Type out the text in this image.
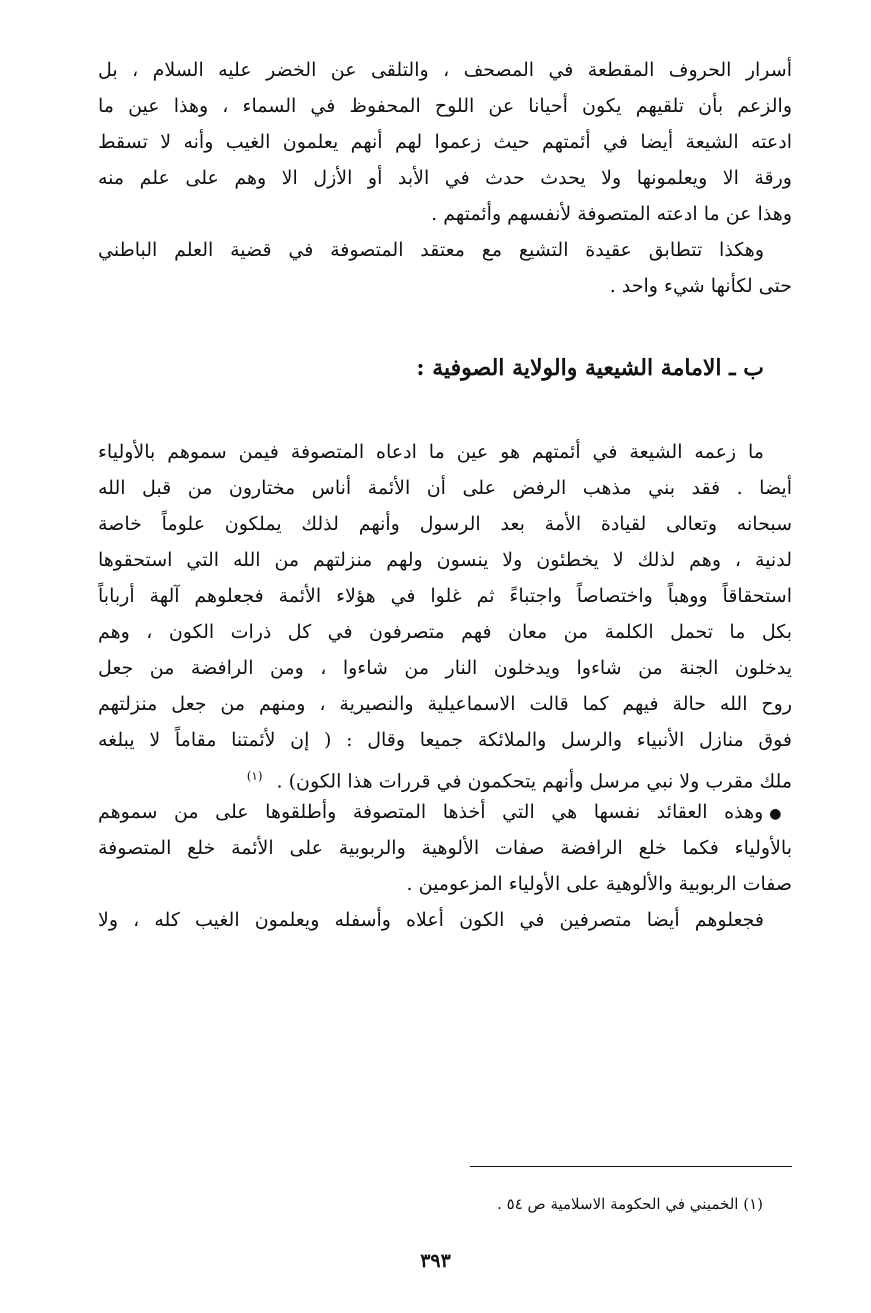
أسرار الحروف المقطعة في المصحف ، والتلقى عن الخضر عليه السلام ، بل
والزعم بأن تلقيهم يكون أحيانا عن اللوح المحفوظ في السماء ، وهذا عين ما
ادعته الشيعة أيضا في أئمتهم حيث زعموا لهم أنهم يعلمون الغيب وأنه لا تسقط
ورقة الا ويعلمونها ولا يحدث حدث في الأبد أو الأزل الا وهم على علم منه
وهذا عن ما ادعته المتصوفة لأنفسهم وأئمتهم .
وهكذا تتطابق عقيدة التشيع مع معتقد المتصوفة في قضية العلم الباطني
حتى لكأنها شيء واحد .
ب ـ الامامة الشيعية والولاية الصوفية :
ما زعمه الشيعة في أئمتهم هو عين ما ادعاه المتصوفة فيمن سموهم بالأولياء
أيضا . فقد بني مذهب الرفض على أن الأئمة أناس مختارون من قبل الله
سبحانه وتعالى لقيادة الأمة بعد الرسول وأنهم لذلك يملكون علوماً خاصة
لدنية ، وهم لذلك لا يخطئون ولا ينسون ولهم منزلتهم من الله التي استحقوها
استحقاقاً ووهباً واختصاصاً واجتباءً ثم غلوا في هؤلاء الأئمة فجعلوهم آلهة أرباباً
بكل ما تحمل الكلمة من معان فهم متصرفون في كل ذرات الكون ، وهم
يدخلون الجنة من شاءوا ويدخلون النار من شاءوا ، ومن الرافضة من جعل
روح الله حالة فيهم كما قالت الاسماعيلية والنصيرية ، ومنهم من جعل منزلتهم
فوق منازل الأنبياء والرسل والملائكة جميعا وقال : ( إن لأئمتنا مقاماً لا يبلغه
ملك مقرب ولا نبي مرسل وأنهم يتحكمون في قررات هذا الكون) .$^{(١)}$
●وهذه العقائد نفسها هي التي أخذها المتصوفة وأطلقوها على من سموهم
بالأولياء فكما خلع الرافضة صفات الألوهية والربوبية على الأئمة خلع المتصوفة
صفات الربوبية والألوهية على الأولياء المزعومين .
فجعلوهم أيضا متصرفين في الكون أعلاه وأسفله ويعلمون الغيب كله ، ولا
(١) الخميني في الحكومة الاسلامية ص ٥٤ .
٣٩٣
